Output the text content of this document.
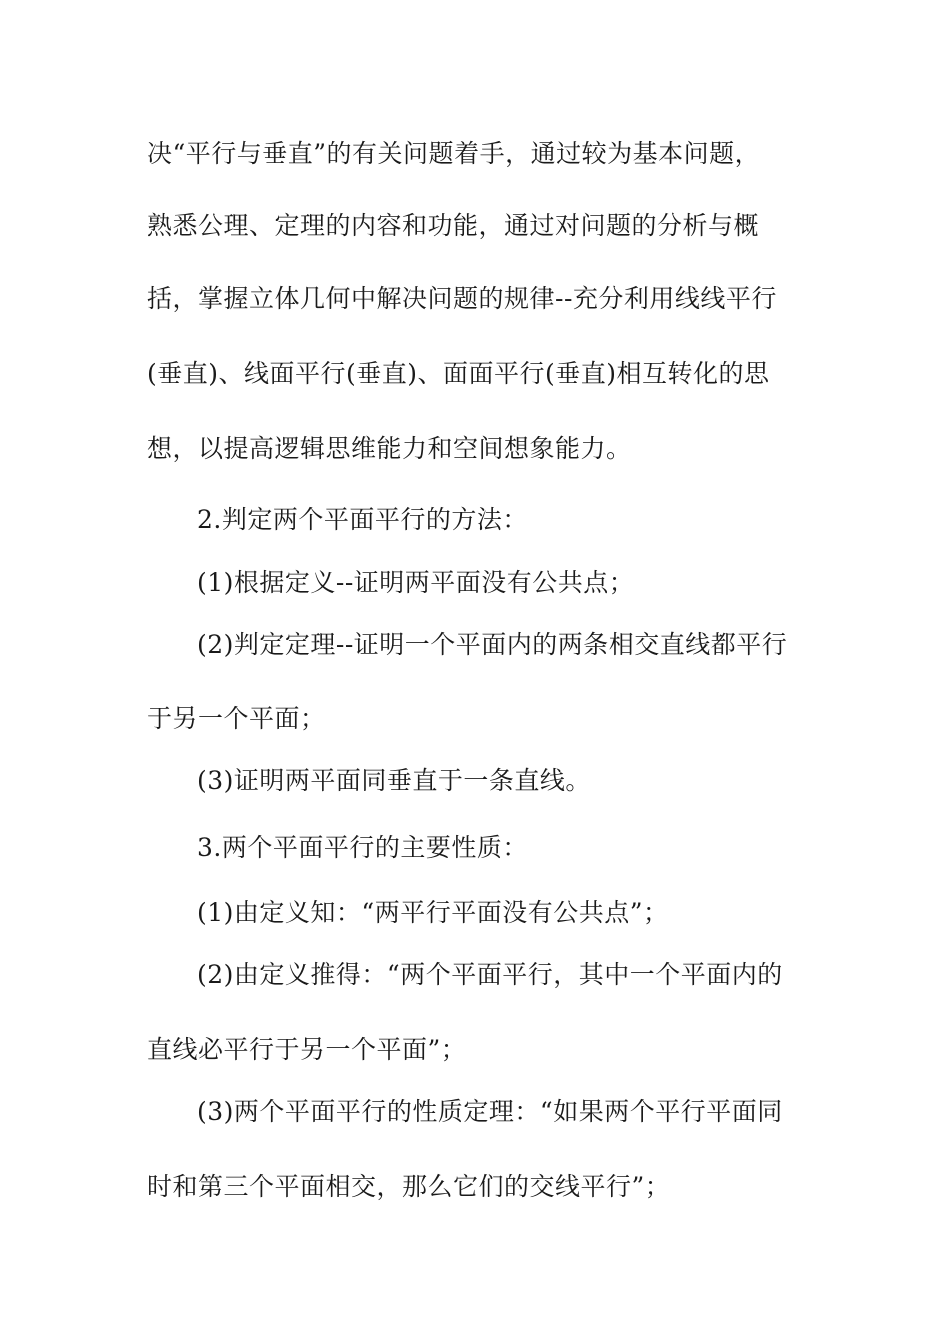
决“平行与垂直”的有关问题着手，通过较为基本问题，
熟悉公理、定理的内容和功能，通过对问题的分析与概
括，掌握立体几何中解决问题的规律--充分利用线线平行
(垂直)、线面平行(垂直)、面面平行(垂直)相互转化的思
想，以提高逻辑思维能力和空间想象能力。
2.判定两个平面平行的方法：
(1)根据定义--证明两平面没有公共点；
(2)判定定理--证明一个平面内的两条相交直线都平行
于另一个平面；
(3)证明两平面同垂直于一条直线。
3.两个平面平行的主要性质：
(1)由定义知：“两平行平面没有公共点”；
(2)由定义推得：“两个平面平行，其中一个平面内的
直线必平行于另一个平面”；
(3)两个平面平行的性质定理：“如果两个平行平面同
时和第三个平面相交，那么它们的交线平行”；
